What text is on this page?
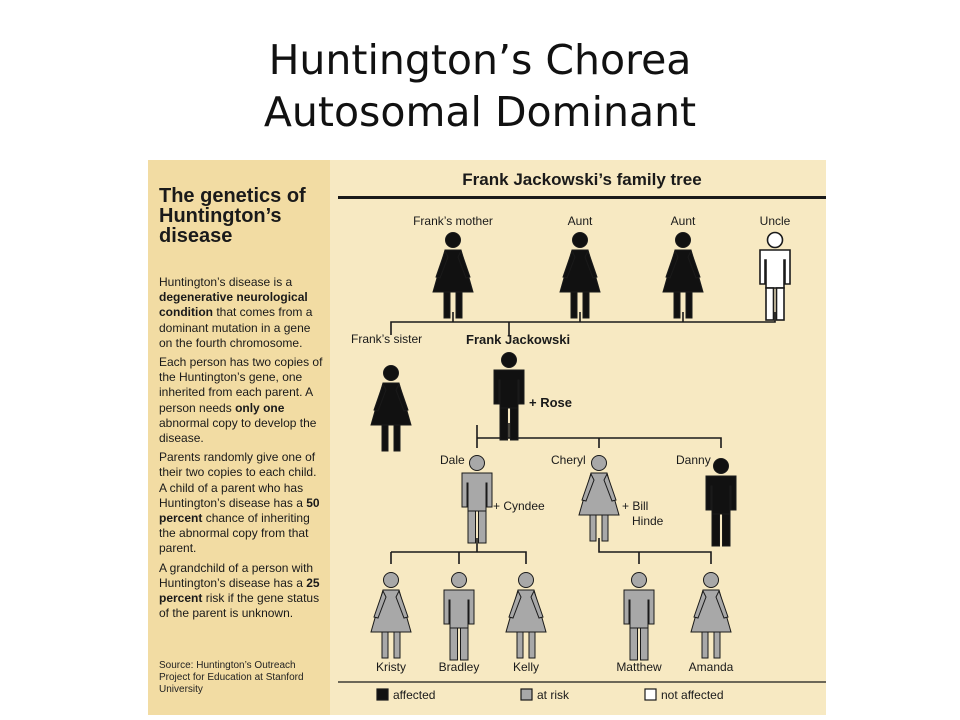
Huntington’s Chorea
Autosomal Dominant
The genetics of Huntington’s disease

Huntington’s disease is a degenerative neurological condition that comes from a dominant mutation in a gene on the fourth chromosome.

Each person has two copies of the Huntington’s gene, one inherited from each parent. A person needs only one abnormal copy to develop the disease.

Parents randomly give one of their two copies to each child. A child of a parent who has Huntington’s disease has a 50 percent chance of inheriting the abnormal copy from that parent.

A grandchild of a person with Huntington’s disease has a 25 percent risk if the gene status of the parent is unknown.

Source: Huntington’s Outreach Project for Education at Stanford University
Frank Jackowski’s family tree
Frank’s mother	Aunt	Aunt	Uncle
Frank’s sister	Frank Jackowski
+ Rose
Dale
+ Cyndee
Cheryl
+ Bill
Hinde
Danny
Kristy	Bradley	Kelly	Matthew Amanda
affected	at risk	not affected
